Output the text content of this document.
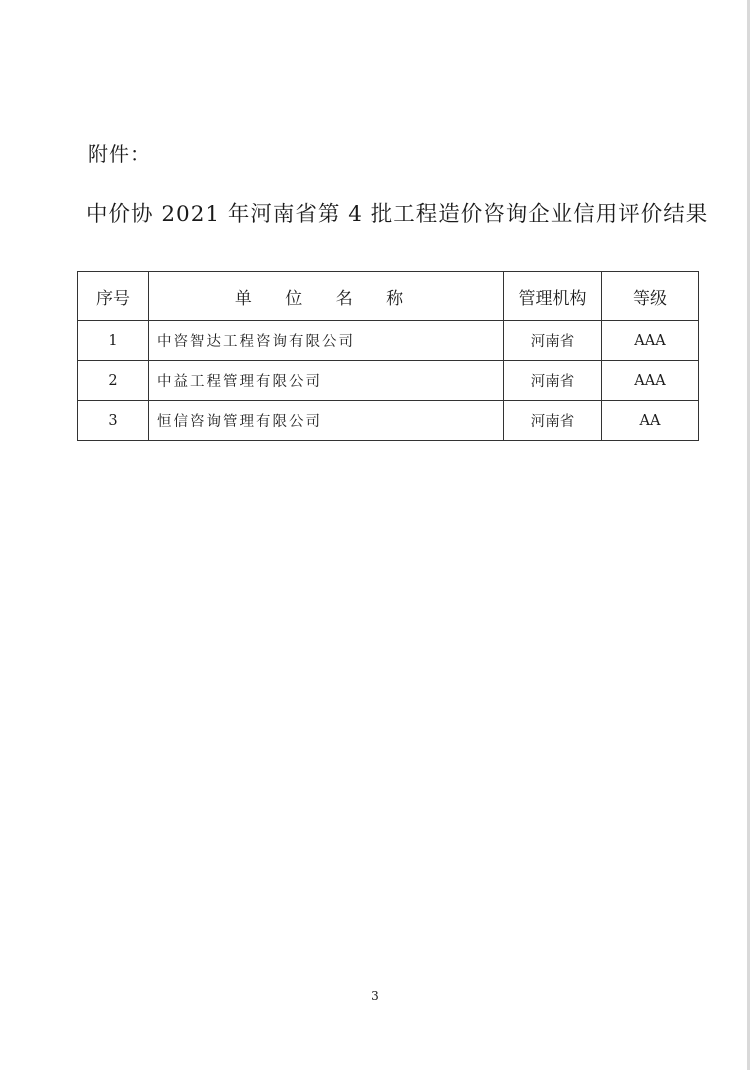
附件：
中价协 2021 年河南省第 4 批工程造价咨询企业信用评价结果
序号	单 位 名 称	管理机构	等级
1	中咨智达工程咨询有限公司	河南省	AAA
2	中益工程管理有限公司	河南省	AAA
3	恒信咨询管理有限公司	河南省	AA
3
